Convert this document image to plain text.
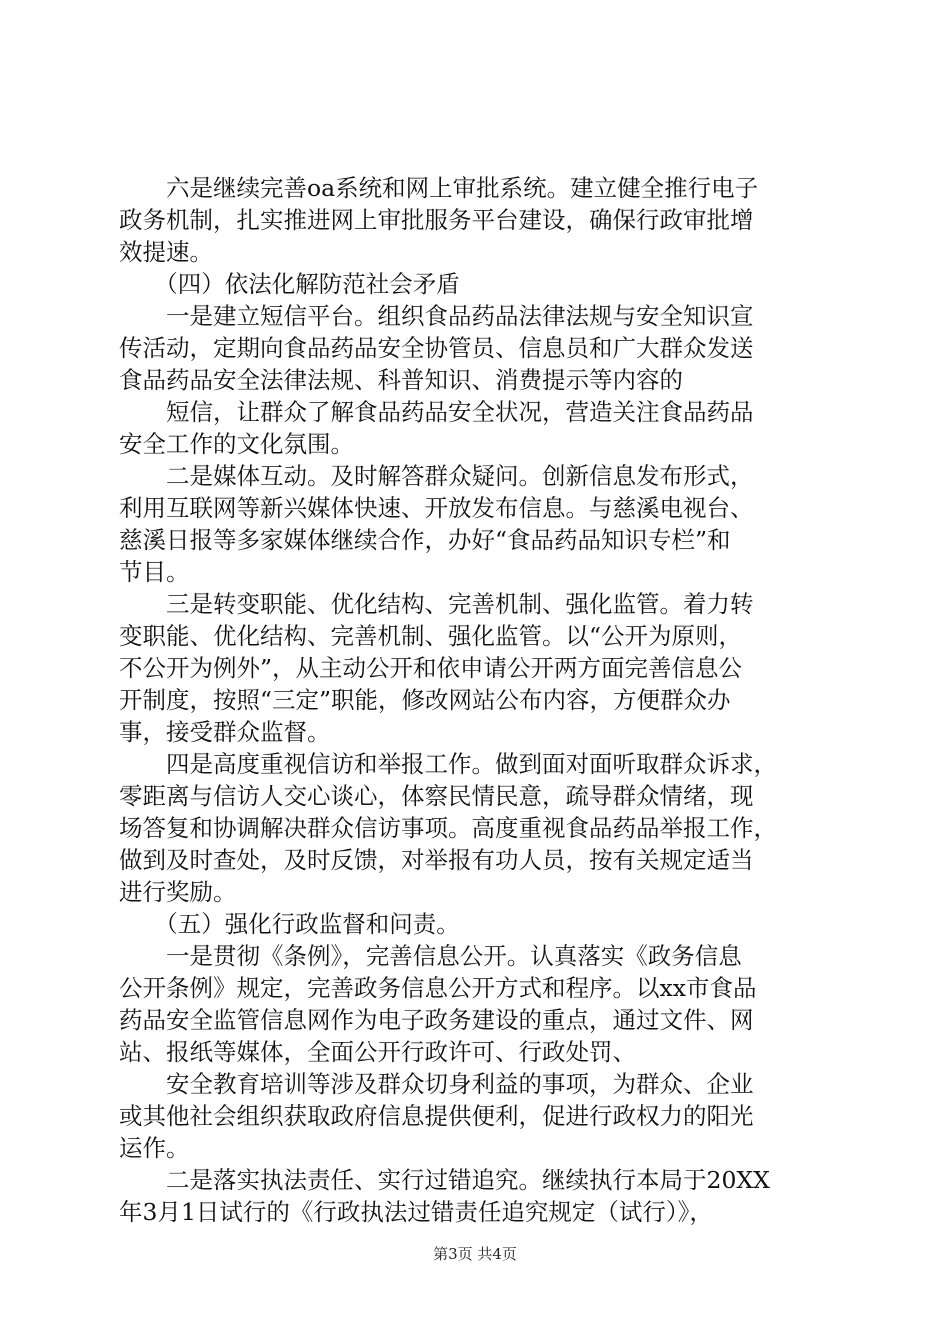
　　六是继续完善oa系统和网上审批系统。建立健全推行电子
政务机制，扎实推进网上审批服务平台建设，确保行政审批增
效提速。
　　（四）依法化解防范社会矛盾
　　一是建立短信平台。组织食品药品法律法规与安全知识宣
传活动，定期向食品药品安全协管员、信息员和广大群众发送
食品药品安全法律法规、科普知识、消费提示等内容的
　　短信，让群众了解食品药品安全状况，营造关注食品药品
安全工作的文化氛围。
　　二是媒体互动。及时解答群众疑问。创新信息发布形式，
利用互联网等新兴媒体快速、开放发布信息。与慈溪电视台、
慈溪日报等多家媒体继续合作，办好“食品药品知识专栏”和
节目。
　　三是转变职能、优化结构、完善机制、强化监管。着力转
变职能、优化结构、完善机制、强化监管。以“公开为原则，
不公开为例外”，从主动公开和依申请公开两方面完善信息公
开制度，按照“三定”职能，修改网站公布内容，方便群众办
事，接受群众监督。
　　四是高度重视信访和举报工作。做到面对面听取群众诉求，
零距离与信访人交心谈心，体察民情民意，疏导群众情绪，现
场答复和协调解决群众信访事项。高度重视食品药品举报工作，
做到及时查处，及时反馈，对举报有功人员，按有关规定适当
进行奖励。
　　（五）强化行政监督和问责。
　　一是贯彻《条例》，完善信息公开。认真落实《政务信息
公开条例》规定，完善政务信息公开方式和程序。以xx市食品
药品安全监管信息网作为电子政务建设的重点，通过文件、网
站、报纸等媒体，全面公开行政许可、行政处罚、
　　安全教育培训等涉及群众切身利益的事项，为群众、企业
或其他社会组织获取政府信息提供便利，促进行政权力的阳光
运作。
　　二是落实执法责任、实行过错追究。继续执行本局于20XX
年3月1日试行的《行政执法过错责任追究规定（试行）》，
第3页 共4页
